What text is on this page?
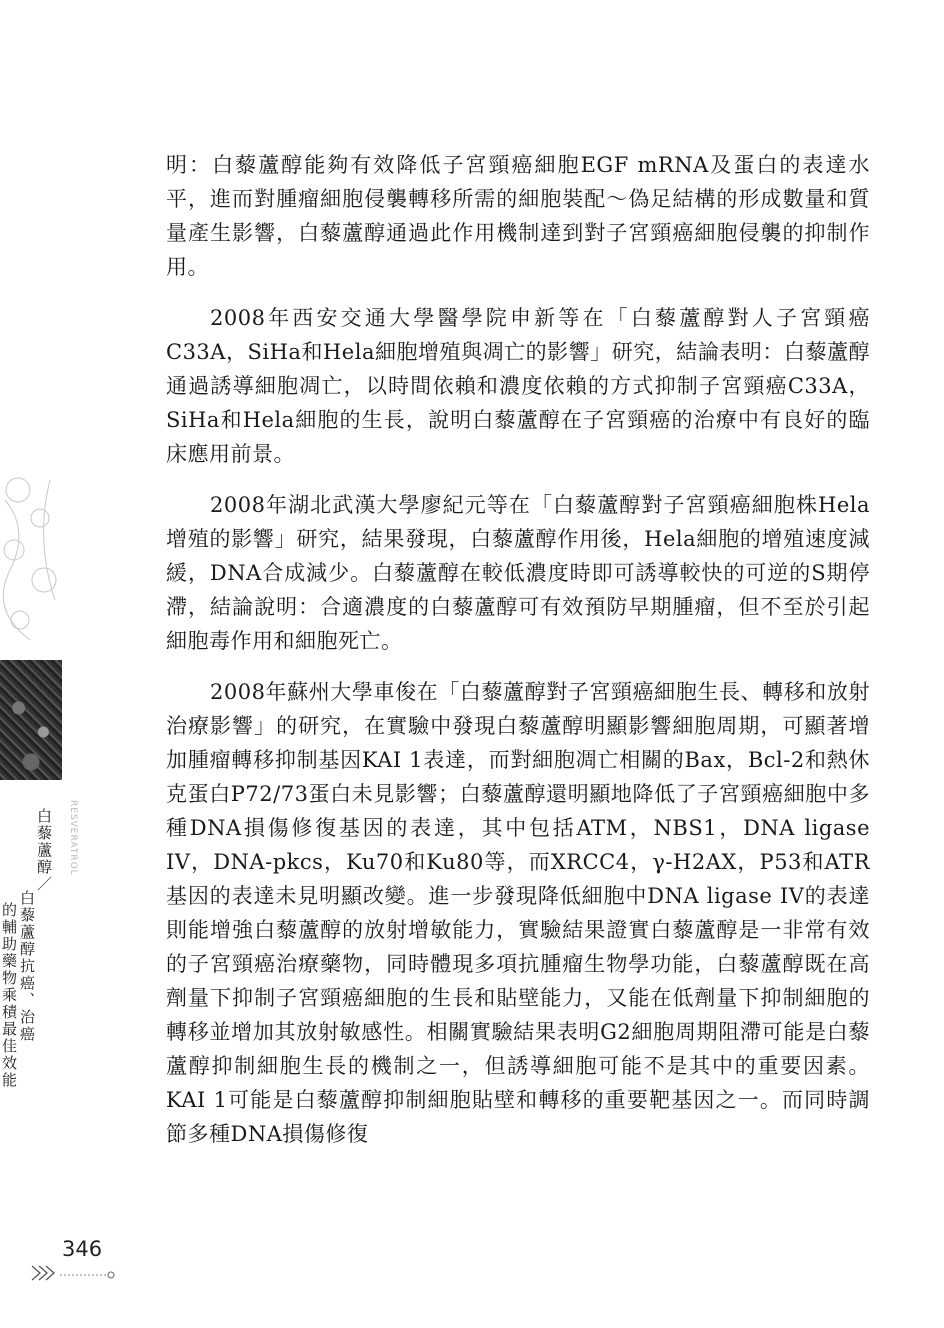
RESVERATROL
白藜蘆醇／
白藜蘆醇抗癌、治癌
的輔助藥物乘積最佳效能

明：白藜蘆醇能夠有效降低子宮頸癌細胞EGF mRNA及蛋白的表達水平，進而對腫瘤細胞侵襲轉移所需的細胞裝配～偽足結構的形成數量和質量產生影響，白藜蘆醇通過此作用機制達到對子宮頸癌細胞侵襲的抑制作用。

2008年西安交通大學醫學院申新等在「白藜蘆醇對人子宮頸癌C33A，SiHa和Hela細胞增殖與凋亡的影響」研究，結論表明：白藜蘆醇通過誘導細胞凋亡，以時間依賴和濃度依賴的方式抑制子宮頸癌C33A，SiHa和Hela細胞的生長，說明白藜蘆醇在子宮頸癌的治療中有良好的臨床應用前景。

2008年湖北武漢大學廖紀元等在「白藜蘆醇對子宮頸癌細胞株Hela增殖的影響」研究，結果發現，白藜蘆醇作用後，Hela細胞的增殖速度減緩，DNA合成減少。白藜蘆醇在較低濃度時即可誘導較快的可逆的S期停滯，結論說明：合適濃度的白藜蘆醇可有效預防早期腫瘤，但不至於引起細胞毒作用和細胞死亡。

2008年蘇州大學車俊在「白藜蘆醇對子宮頸癌細胞生長、轉移和放射治療影響」的研究，在實驗中發現白藜蘆醇明顯影響細胞周期，可顯著增加腫瘤轉移抑制基因KAI 1表達，而對細胞凋亡相關的Bax，Bcl-2和熱休克蛋白P72/73蛋白未見影響；白藜蘆醇還明顯地降低了子宮頸癌細胞中多種DNA損傷修復基因的表達，其中包括ATM，NBS1，DNA ligase IV，DNA-pkcs，Ku70和Ku80等，而XRCC4，γ-H2AX，P53和ATR基因的表達未見明顯改變。進一步發現降低細胞中DNA ligase IV的表達則能增強白藜蘆醇的放射增敏能力，實驗結果證實白藜蘆醇是一非常有效的子宮頸癌治療藥物，同時體現多項抗腫瘤生物學功能，白藜蘆醇既在高劑量下抑制子宮頸癌細胞的生長和貼壁能力，又能在低劑量下抑制細胞的轉移並增加其放射敏感性。相關實驗結果表明G2細胞周期阻滯可能是白藜蘆醇抑制細胞生長的機制之一，但誘導細胞可能不是其中的重要因素。KAI 1可能是白藜蘆醇抑制細胞貼壁和轉移的重要靶基因之一。而同時調節多種DNA損傷修復

346
